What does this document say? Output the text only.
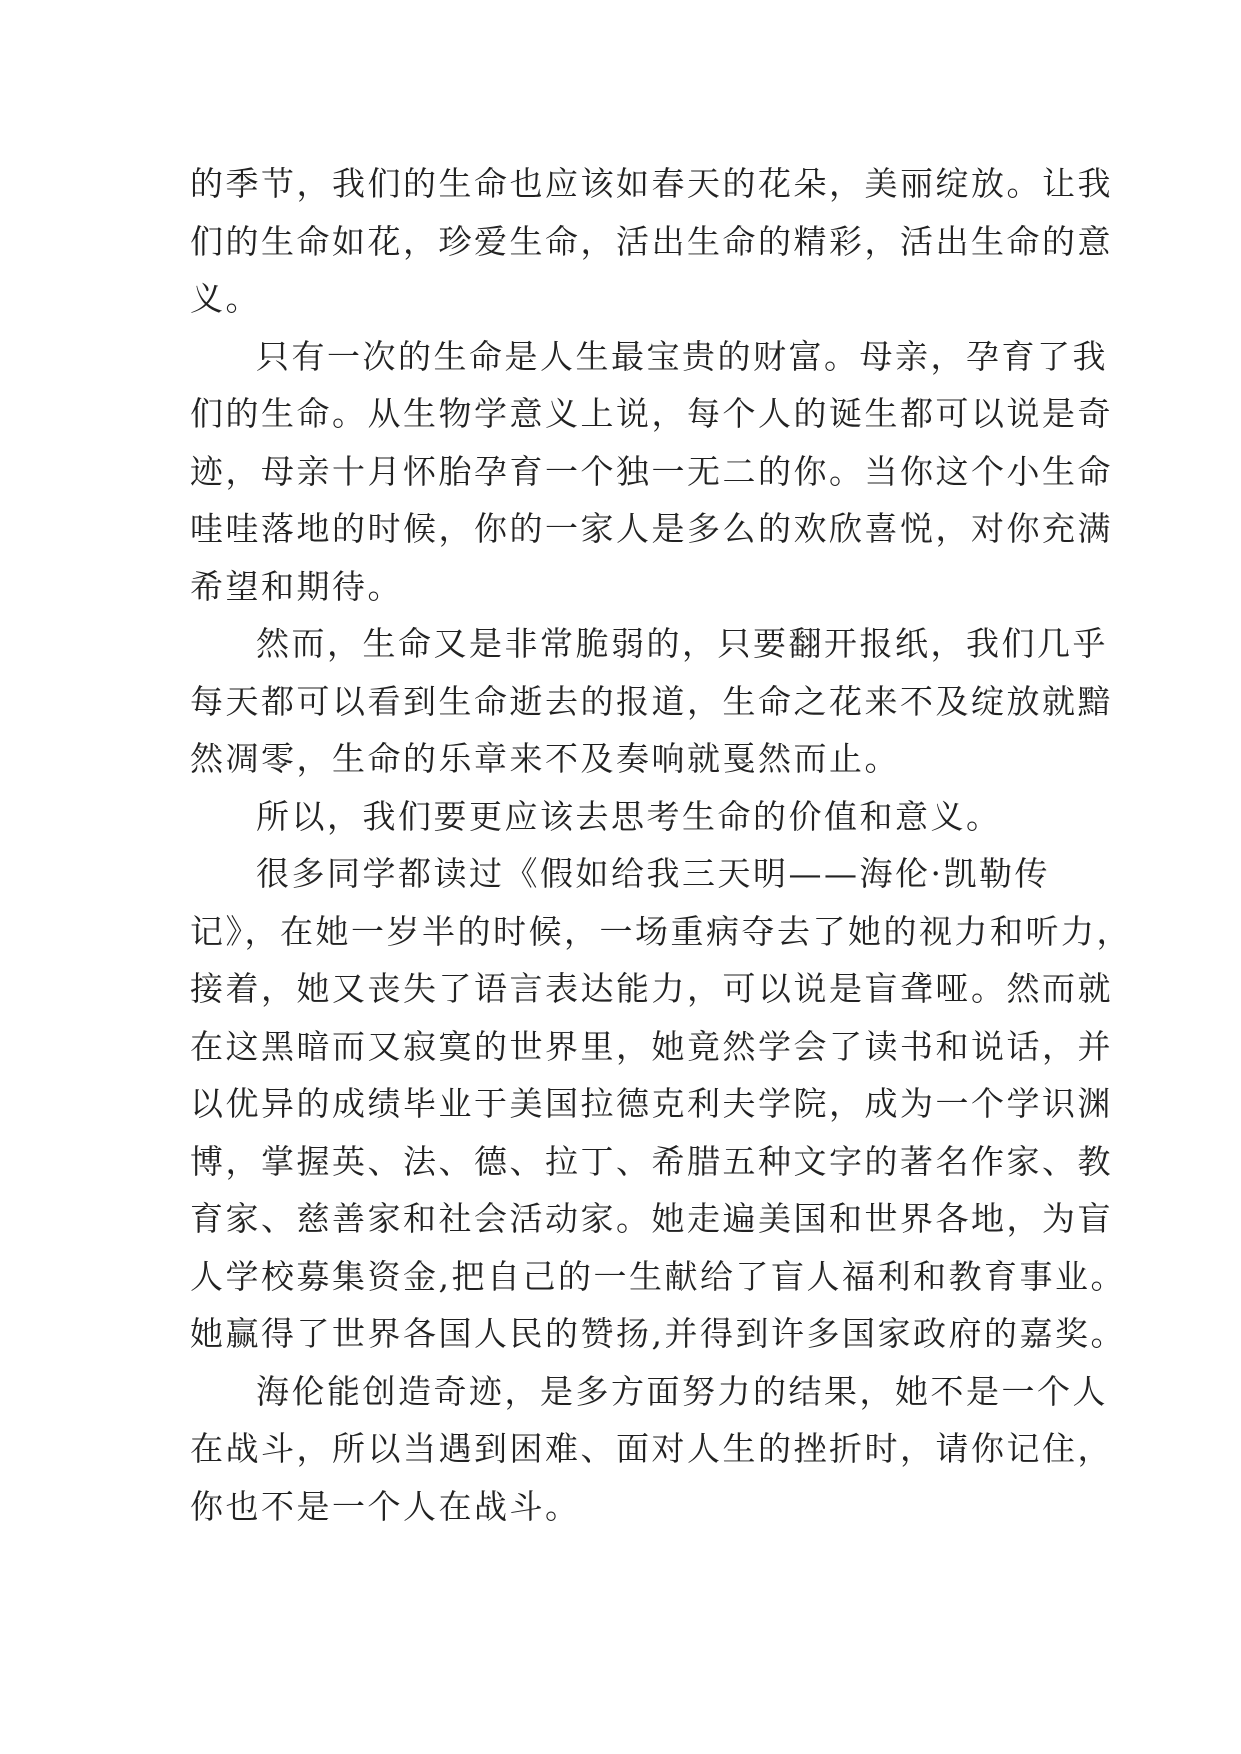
的季节，我们的生命也应该如春天的花朵，美丽绽放。让我
们的生命如花，珍爱生命，活出生命的精彩，活出生命的意
义。
只有一次的生命是人生最宝贵的财富。母亲，孕育了我
们的生命。从生物学意义上说，每个人的诞生都可以说是奇
迹，母亲十月怀胎孕育一个独一无二的你。当你这个小生命
哇哇落地的时候，你的一家人是多么的欢欣喜悦，对你充满
希望和期待。
然而，生命又是非常脆弱的，只要翻开报纸，我们几乎
每天都可以看到生命逝去的报道，生命之花来不及绽放就黯
然凋零，生命的乐章来不及奏响就戛然而止。
所以，我们要更应该去思考生命的价值和意义。
很多同学都读过《假如给我三天明——海伦·凯勒传
记》，在她一岁半的时候，一场重病夺去了她的视力和听力，
接着，她又丧失了语言表达能力，可以说是盲聋哑。然而就
在这黑暗而又寂寞的世界里，她竟然学会了读书和说话，并
以优异的成绩毕业于美国拉德克利夫学院，成为一个学识渊
博，掌握英、法、德、拉丁、希腊五种文字的著名作家、教
育家、慈善家和社会活动家。她走遍美国和世界各地，为盲
人学校募集资金,把自己的一生献给了盲人福利和教育事业。
她赢得了世界各国人民的赞扬,并得到许多国家政府的嘉奖。
海伦能创造奇迹，是多方面努力的结果，她不是一个人
在战斗，所以当遇到困难、面对人生的挫折时，请你记住，
你也不是一个人在战斗。
